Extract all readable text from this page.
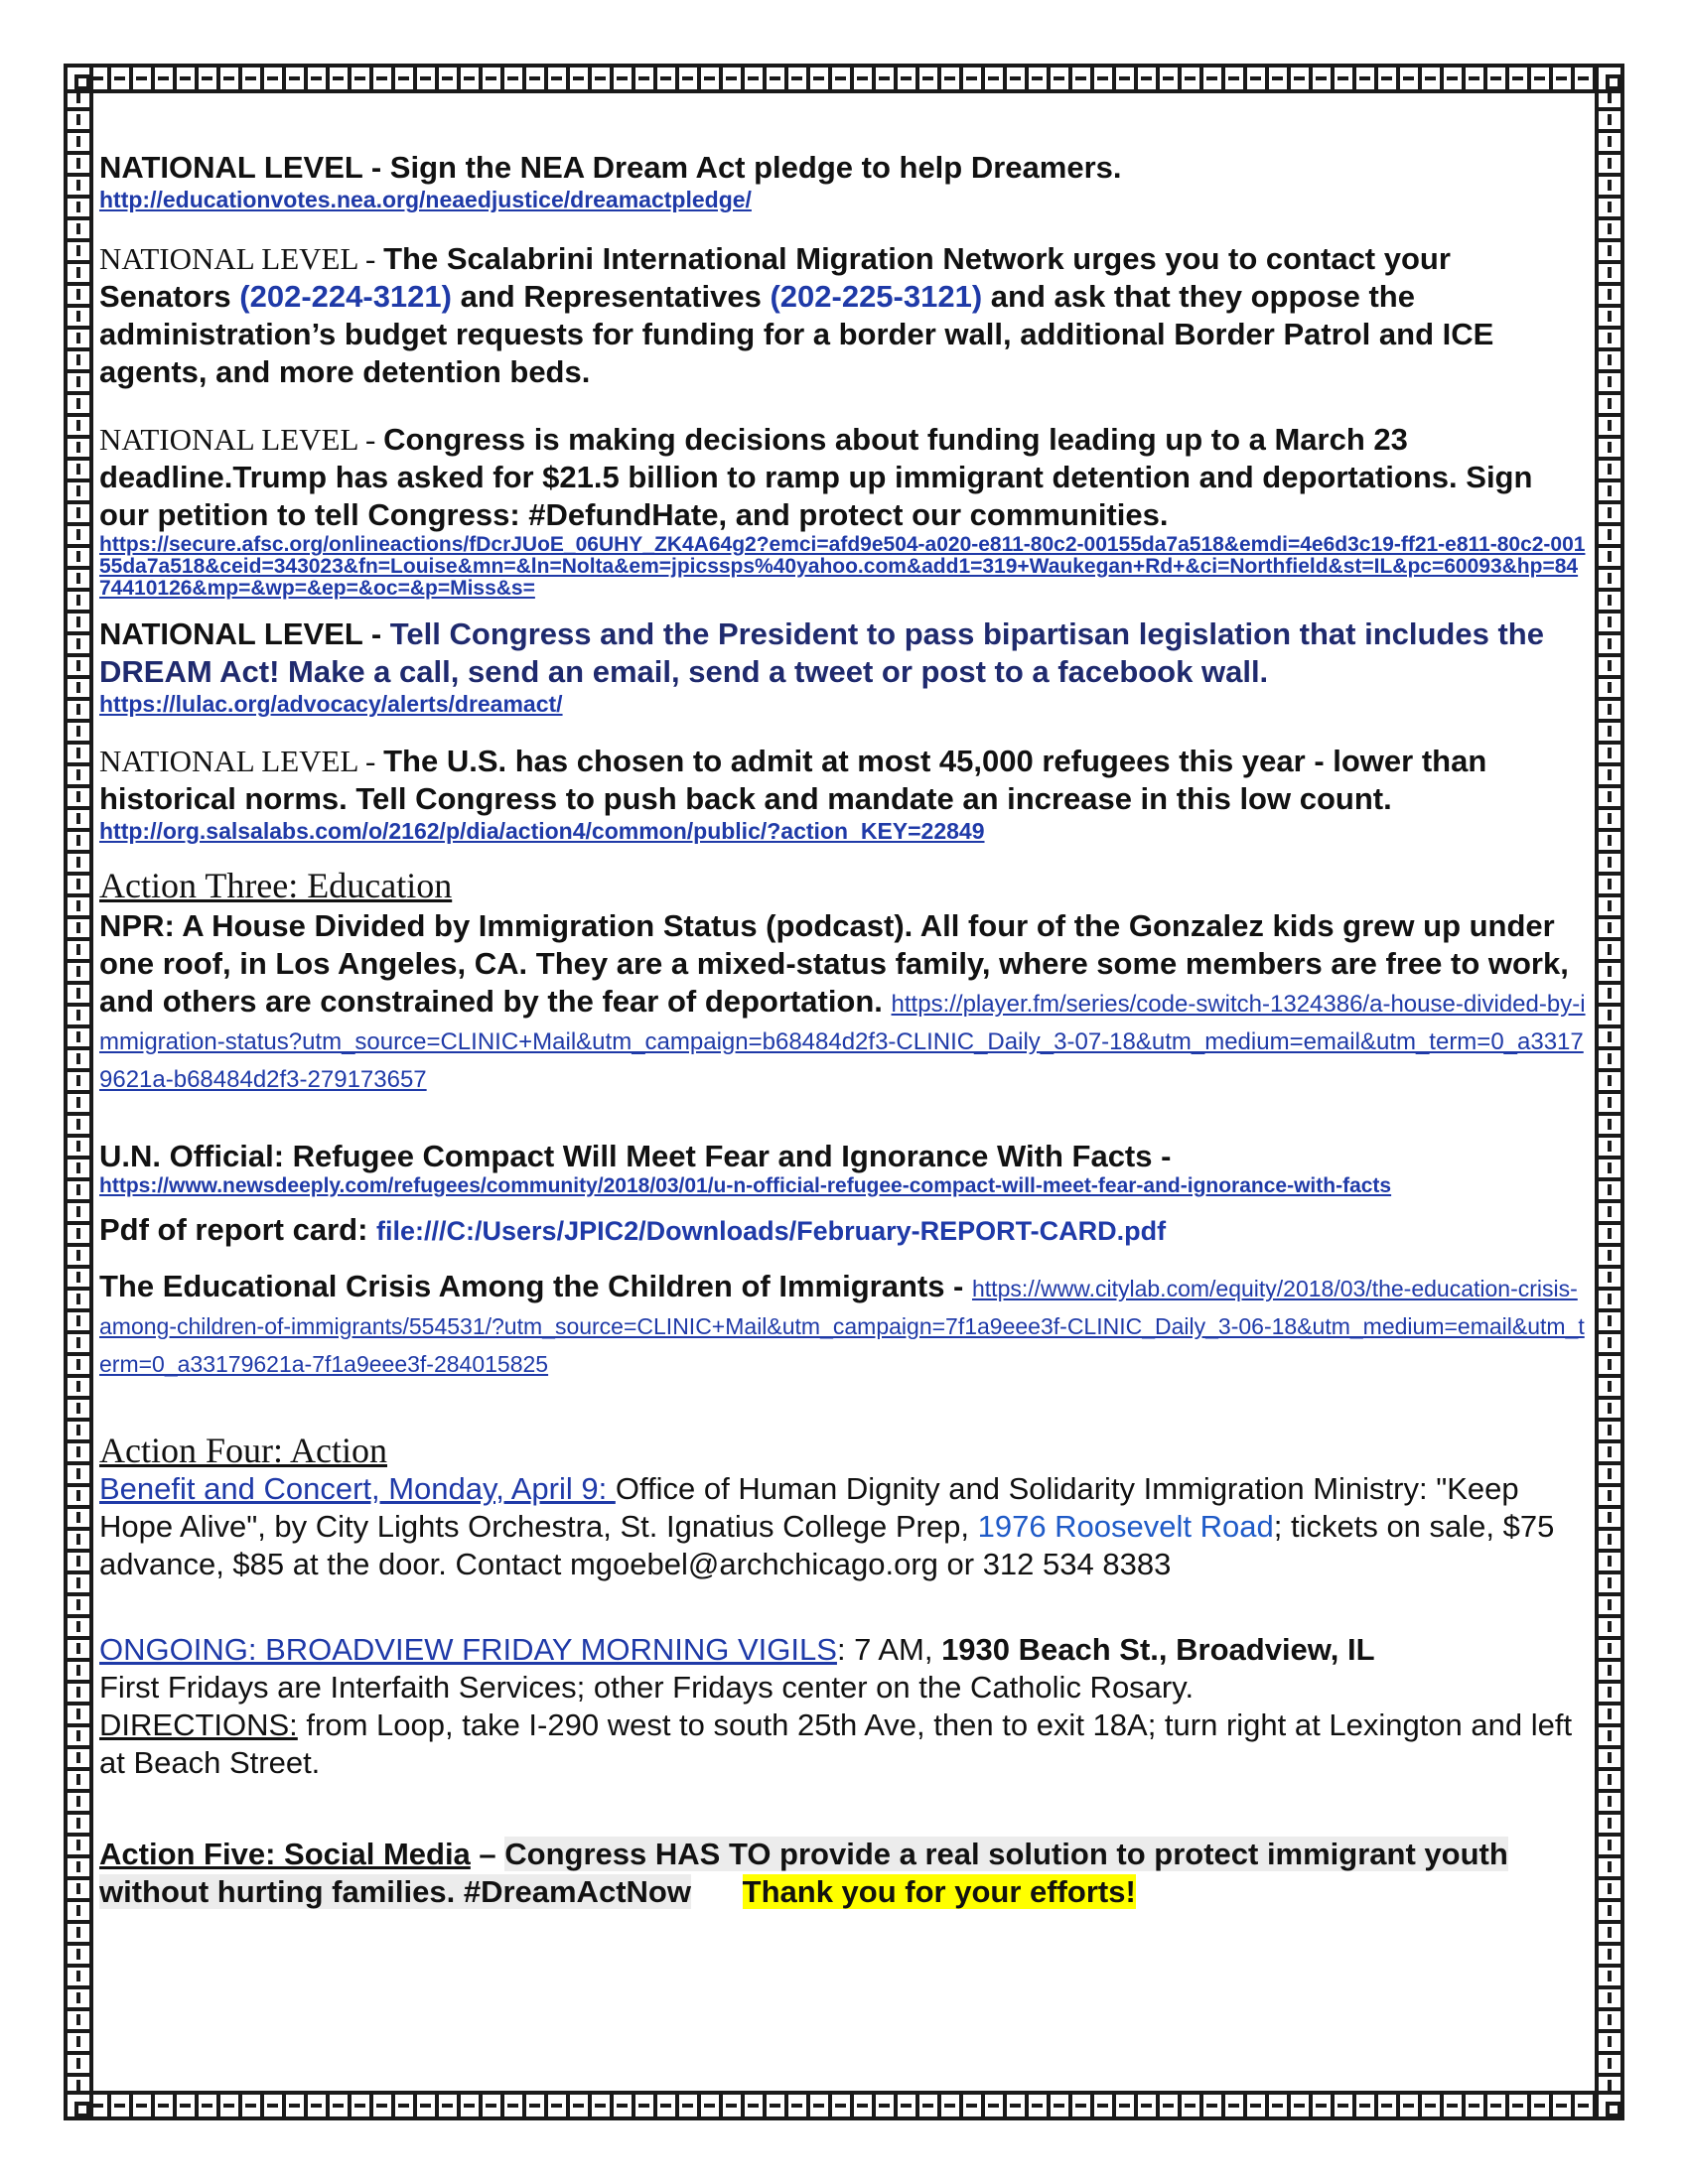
NATIONAL LEVEL - Sign the NEA Dream Act pledge to help Dreamers.

http://educationvotes.nea.org/neaedjustice/dreamactpledge/

NATIONAL LEVEL - The Scalabrini International Migration Network urges you to contact your Senators (202-224-3121) and Representatives (202-225-3121) and ask that they oppose the administration’s budget requests for funding for a border wall, additional Border Patrol and ICE agents, and more detention beds.

NATIONAL LEVEL - Congress is making decisions about funding leading up to a March 23 deadline.Trump has asked for $21.5 billion to ramp up immigrant detention and deportations. Sign our petition to tell Congress: #DefundHate, and protect our communities.

https://secure.afsc.org/onlineactions/fDcrJUoE_06UHY_ZK4A64g2?emci=afd9e504-a020-e811-80c2-00155da7a518&emdi=4e6d3c19-ff21-e811-80c2-00155da7a518&ceid=343023&fn=Louise&mn=&ln=Nolta&em=jpicssps%40yahoo.com&add1=319+Waukegan+Rd+&ci=Northfield&st=IL&pc=60093&hp=8474410126&mp=&wp=&ep=&oc=&p=Miss&s=

NATIONAL LEVEL - Tell Congress and the President to pass bipartisan legislation that includes the DREAM Act! Make a call, send an email, send a tweet or post to a facebook wall.

https://lulac.org/advocacy/alerts/dreamact/

NATIONAL LEVEL - The U.S. has chosen to admit at most 45,000 refugees this year - lower than historical norms. Tell Congress to push back and mandate an increase in this low count.

http://org.salsalabs.com/o/2162/p/dia/action4/common/public/?action_KEY=22849

Action Three: Education

NPR: A House Divided by Immigration Status (podcast). All four of the Gonzalez kids grew up under one roof, in Los Angeles, CA. They are a mixed-status family, where some members are free to work, and others are constrained by the fear of deportation. https://player.fm/series/code-switch-1324386/a-house-divided-by-immigration-status?utm_source=CLINIC+Mail&utm_campaign=b68484d2f3-CLINIC_Daily_3-07-18&utm_medium=email&utm_term=0_a33179621a-b68484d2f3-279173657

U.N. Official: Refugee Compact Will Meet Fear and Ignorance With Facts -

https://www.newsdeeply.com/refugees/community/2018/03/01/u-n-official-refugee-compact-will-meet-fear-and-ignorance-with-facts

Pdf of report card: file:///C:/Users/JPIC2/Downloads/February-REPORT-CARD.pdf

The Educational Crisis Among the Children of Immigrants - https://www.citylab.com/equity/2018/03/the-education-crisis-among-children-of-immigrants/554531/?utm_source=CLINIC+Mail&utm_campaign=7f1a9eee3f-CLINIC_Daily_3-06-18&utm_medium=email&utm_term=0_a33179621a-7f1a9eee3f-284015825

Action Four: Action

Benefit and Concert, Monday, April 9: Office of Human Dignity and Solidarity Immigration Ministry: "Keep Hope Alive", by City Lights Orchestra, St. Ignatius College Prep, 1976 Roosevelt Road; tickets on sale, $75 advance, $85 at the door. Contact mgoebel@archchicago.org or 312 534 8383

ONGOING: BROADVIEW FRIDAY MORNING VIGILS: 7 AM, 1930 Beach St., Broadview, IL
First Fridays are Interfaith Services; other Fridays center on the Catholic Rosary.
DIRECTIONS: from Loop, take I-290 west to south 25th Ave, then to exit 18A; turn right at Lexington and left at Beach Street.

Action Five: Social Media – Congress HAS TO provide a real solution to protect immigrant youth without hurting families. #DreamActNow Thank you for your efforts!
